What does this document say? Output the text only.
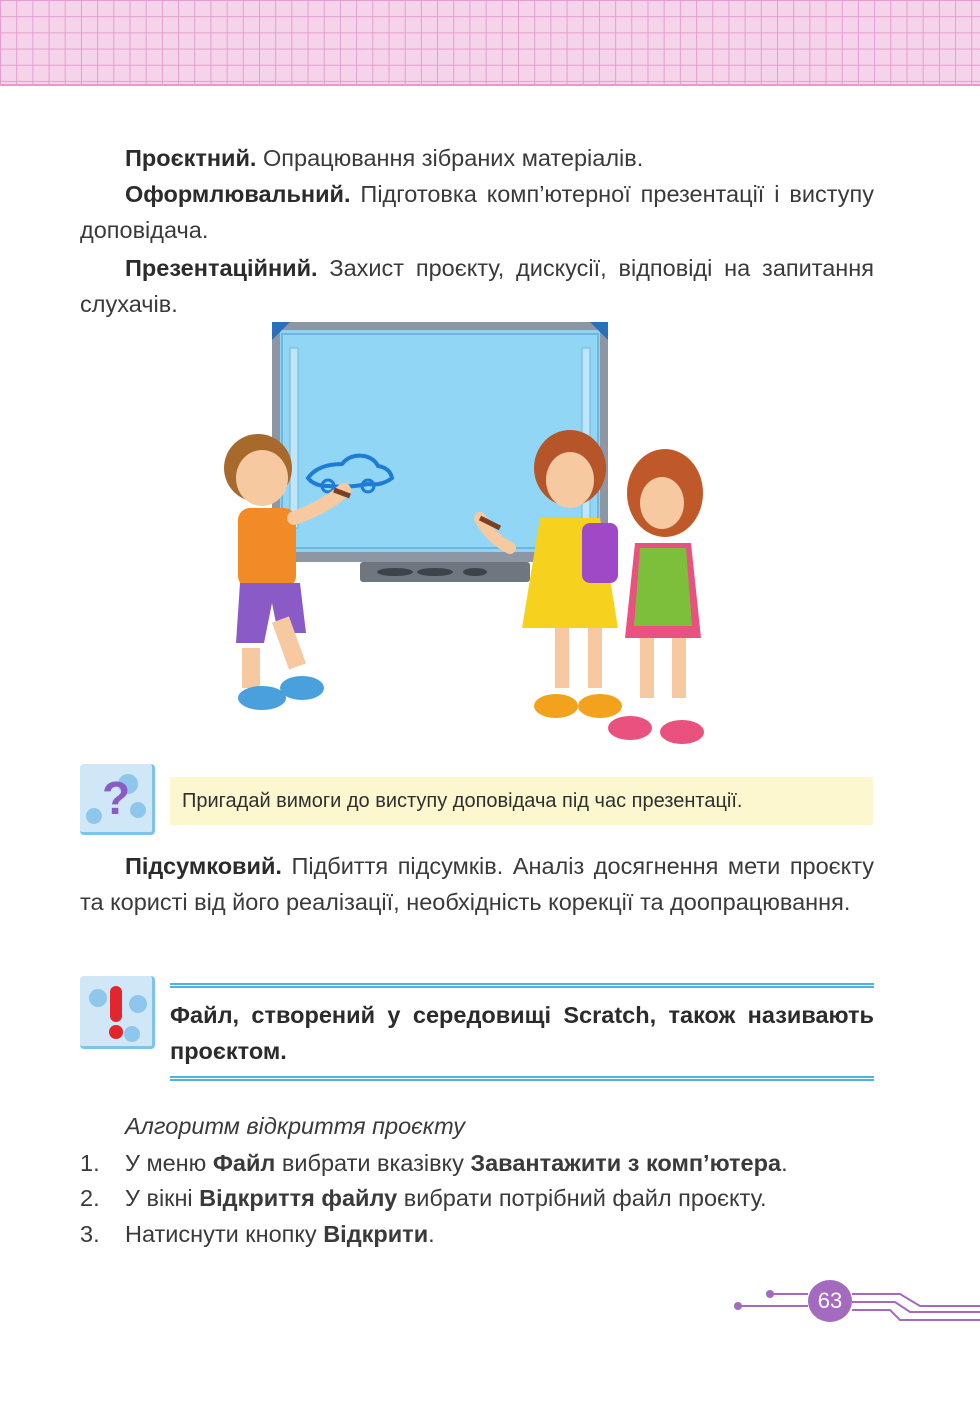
Проєктний. Опрацювання зібраних матеріалів.
Оформлювальний. Підготовка комп’ютерної презентації і виступу доповідача.
Презентаційний. Захист проєкту, дискусії, відповіді на запитання слухачів.
?	Пригадай вимоги до виступу доповідача під час презентації.
Підсумковий. Підбиття підсумків. Аналіз досягнення мети проєкту та користі від його реалізації, необхідність корекції та доопрацювання.
Файл, створений у середовищі Scratch, також називають проєктом.
Алгоритм відкриття проєкту
1. У меню Файл вибрати вказівку Завантажити з комп’ютера.
2. У вікні Відкриття файлу вибрати потрібний файл проєкту.
3. Натиснути кнопку Відкрити.
63
